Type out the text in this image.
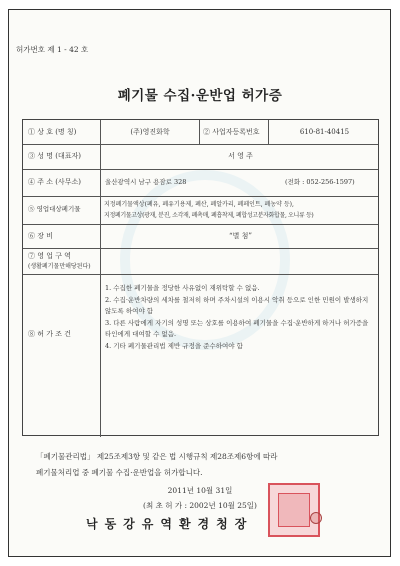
허가번호 제 1 - 42 호
폐기물 수집·운반업 허가증
① 상 호 (명 칭)	(주)영진화학	② 사업자등록번호	610-81-40415
③ 성 명 (대표자)	서 영 주
④ 주 소 (사무소)	울산광역시 남구 용잠로 328	(전화 : 052-256-1597)
⑤ 영업대상폐기물
지정폐기물액상(폐유, 폐유기용제, 폐산, 폐알카리, 폐페인트, 폐농약 등),
지정폐기물고상(광재, 분진, 소각재, 폐촉매, 폐흡착제, 폐합성고분자화합물, 오니류 등)
⑥ 장 비	“별 첨”
⑦ 영 업 구 역
(생활폐기물만해당된다)
⑧ 허 가 조 건

1. 수집한 폐기물을 정당한 사유없이 재위탁할 수 없음.

2. 수집·운반차량의 세차를 철저히 하며 주차시설의 이용시 악취 등으로 인한 민원이 발생하지 않도록 하여야 함

3. 다른 사람에게 자기의 성명 또는 상호를 이용하여 폐기물을 수집·운반하게 하거나 허가증을 타인에게 대여할 수 없음.

4. 기타 폐기물관리법 제반 규정을 준수하여야 함

「폐기물관리법」 제25조제3항 및 같은 법 시행규칙 제28조제6항에 따라
폐기물처리업 중 폐기물 수집·운반업을 허가합니다.
2011년 10월 31일
(최 초 허 가 : 2002년 10월 25일)
낙동강유역환경청장
